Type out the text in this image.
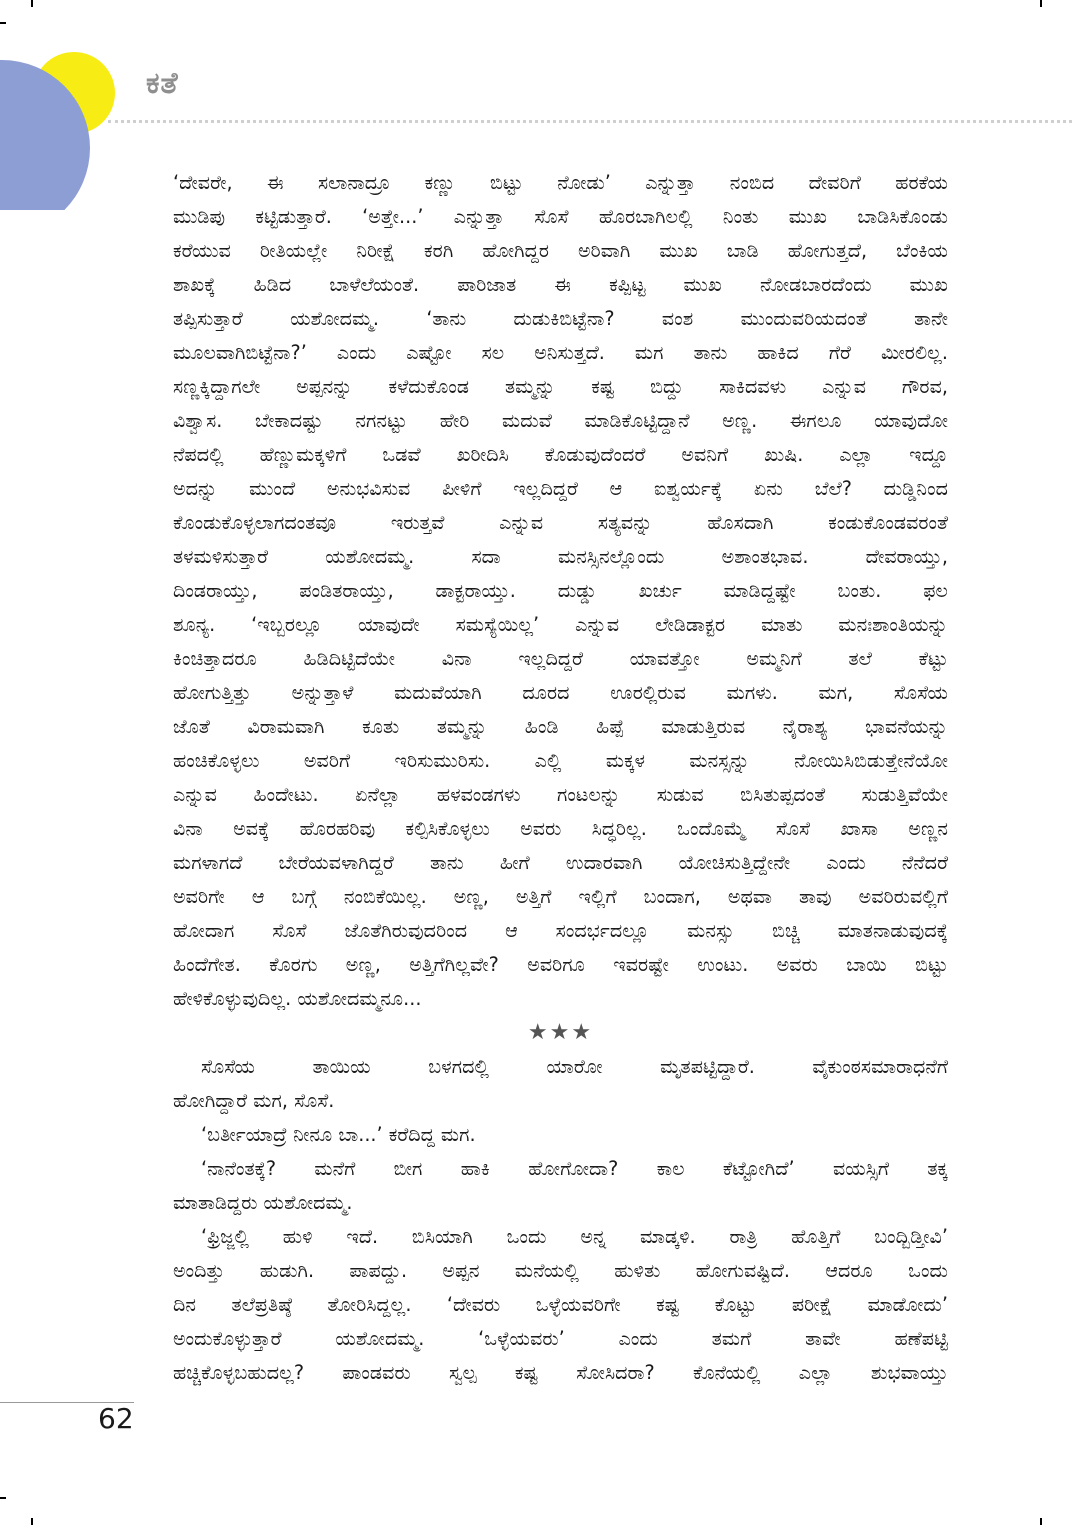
ಕತೆ
‘ದೇವರೇ, ಈ ಸಲಾನಾದ್ರೂ ಕಣ್ಣು ಬಿಟ್ಟು ನೋಡು’ ಎನ್ನುತ್ತಾ ನಂಬಿದ ದೇವರಿಗೆ ಹರಕೆಯ
ಮುಡಿಪು ಕಟ್ಟಿಡುತ್ತಾರೆ. ‘ಅತ್ತೇ...’ ಎನ್ನುತ್ತಾ ಸೊಸೆ ಹೊರಬಾಗಿಲಲ್ಲಿ ನಿಂತು ಮುಖ ಬಾಡಿಸಿಕೊಂಡು
ಕರೆಯುವ ರೀತಿಯಲ್ಲೇ ನಿರೀಕ್ಷೆ ಕರಗಿ ಹೋಗಿದ್ದರ ಅರಿವಾಗಿ ಮುಖ ಬಾಡಿ ಹೋಗುತ್ತದೆ, ಬೆಂಕಿಯ
ಶಾಖಕ್ಕೆ ಹಿಡಿದ ಬಾಳೆಲೆಯಂತೆ. ಪಾರಿಜಾತ ಈ ಕಪ್ಪಿಟ್ಟ ಮುಖ ನೋಡಬಾರದೆಂದು ಮುಖ
ತಪ್ಪಿಸುತ್ತಾರೆ ಯಶೋದಮ್ಮ. ‘ತಾನು ದುಡುಕಿಬಿಟ್ಟೆನಾ? ವಂಶ ಮುಂದುವರಿಯದಂತೆ ತಾನೇ
ಮೂಲವಾಗಿಬಿಟ್ಟೆನಾ?’ ಎಂದು ಎಷ್ಟೋ ಸಲ ಅನಿಸುತ್ತದೆ. ಮಗ ತಾನು ಹಾಕಿದ ಗೆರೆ ಮೀರಲಿಲ್ಲ.
ಸಣ್ಣಕ್ಕಿದ್ದಾಗಲೇ ಅಪ್ಪನನ್ನು ಕಳೆದುಕೊಂಡ ತಮ್ಮನ್ನು ಕಷ್ಟ ಬಿದ್ದು ಸಾಕಿದವಳು ಎನ್ನುವ ಗೌರವ,
ವಿಶ್ವಾಸ. ಬೇಕಾದಷ್ಟು ನಗನಟ್ಟು ಹೇರಿ ಮದುವೆ ಮಾಡಿಕೊಟ್ಟಿದ್ದಾನೆ ಅಣ್ಣ. ಈಗಲೂ ಯಾವುದೋ
ನೆಪದಲ್ಲಿ ಹೆಣ್ಣುಮಕ್ಕಳಿಗೆ ಒಡವೆ ಖರೀದಿಸಿ ಕೊಡುವುದೆಂದರೆ ಅವನಿಗೆ ಖುಷಿ. ಎಲ್ಲಾ ಇದ್ದೂ
ಅದನ್ನು ಮುಂದೆ ಅನುಭವಿಸುವ ಪೀಳಿಗೆ ಇಲ್ಲದಿದ್ದರೆ ಆ ಐಶ್ವರ್ಯಕ್ಕೆ ಏನು ಬೆಲೆ? ದುಡ್ಡಿನಿಂದ
ಕೊಂಡುಕೊಳ್ಳಲಾಗದಂತವೂ ಇರುತ್ತವೆ ಎನ್ನುವ ಸತ್ಯವನ್ನು ಹೊಸದಾಗಿ ಕಂಡುಕೊಂಡವರಂತೆ
ತಳಮಳಿಸುತ್ತಾರೆ ಯಶೋದಮ್ಮ. ಸದಾ ಮನಸ್ಸಿನಲ್ಲೊಂದು ಅಶಾಂತಭಾವ. ದೇವರಾಯ್ತು,
ದಿಂಡರಾಯ್ತು, ಪಂಡಿತರಾಯ್ತು, ಡಾಕ್ಟರಾಯ್ತು. ದುಡ್ಡು ಖರ್ಚು ಮಾಡಿದ್ದಷ್ಟೇ ಬಂತು. ಫಲ
ಶೂನ್ಯ. ‘ಇಬ್ಬರಲ್ಲೂ ಯಾವುದೇ ಸಮಸ್ಯೆಯಿಲ್ಲ’ ಎನ್ನುವ ಲೇಡಿಡಾಕ್ಟರ ಮಾತು ಮನಃಶಾಂತಿಯನ್ನು
ಕಿಂಚಿತ್ತಾದರೂ ಹಿಡಿದಿಟ್ಟಿದೆಯೇ ವಿನಾ ಇಲ್ಲದಿದ್ದರೆ ಯಾವತ್ತೋ ಅಮ್ಮನಿಗೆ ತಲೆ ಕೆಟ್ಟು
ಹೋಗುತ್ತಿತ್ತು ಅನ್ನುತ್ತಾಳೆ ಮದುವೆಯಾಗಿ ದೂರದ ಊರಲ್ಲಿರುವ ಮಗಳು. ಮಗ, ಸೊಸೆಯ
ಜೊತೆ ವಿರಾಮವಾಗಿ ಕೂತು ತಮ್ಮನ್ನು ಹಿಂಡಿ ಹಿಪ್ಪೆ ಮಾಡುತ್ತಿರುವ ನೈರಾಶ್ಯ ಭಾವನೆಯನ್ನು
ಹಂಚಿಕೊಳ್ಳಲು ಅವರಿಗೆ ಇರಿಸುಮುರಿಸು. ಎಲ್ಲಿ ಮಕ್ಕಳ ಮನಸ್ಸನ್ನು ನೋಯಿಸಿಬಿಡುತ್ತೇನೆಯೋ
ಎನ್ನುವ ಹಿಂದೇಟು. ಏನೆಲ್ಲಾ ಹಳವಂಡಗಳು ಗಂಟಲನ್ನು ಸುಡುವ ಬಿಸಿತುಪ್ಪದಂತೆ ಸುಡುತ್ತಿವೆಯೇ
ವಿನಾ ಅವಕ್ಕೆ ಹೊರಹರಿವು ಕಲ್ಪಿಸಿಕೊಳ್ಳಲು ಅವರು ಸಿದ್ಧರಿಲ್ಲ. ಒಂದೊಮ್ಮೆ ಸೊಸೆ ಖಾಸಾ ಅಣ್ಣನ
ಮಗಳಾಗದೆ ಬೇರೆಯವಳಾಗಿದ್ದರೆ ತಾನು ಹೀಗೆ ಉದಾರವಾಗಿ ಯೋಚಿಸುತ್ತಿದ್ದೇನೇ ಎಂದು ನೆನೆದರೆ
ಅವರಿಗೇ ಆ ಬಗ್ಗೆ ನಂಬಿಕೆಯಿಲ್ಲ. ಅಣ್ಣ, ಅತ್ತಿಗೆ ಇಲ್ಲಿಗೆ ಬಂದಾಗ, ಅಥವಾ ತಾವು ಅವರಿರುವಲ್ಲಿಗೆ
ಹೋದಾಗ ಸೊಸೆ ಜೊತೆಗಿರುವುದರಿಂದ ಆ ಸಂದರ್ಭದಲ್ಲೂ ಮನಸ್ಸು ಬಿಚ್ಚಿ ಮಾತನಾಡುವುದಕ್ಕೆ
ಹಿಂದೆಗೇತ. ಕೊರಗು ಅಣ್ಣ, ಅತ್ತಿಗೆಗಿಲ್ಲವೇ? ಅವರಿಗೂ ಇವರಷ್ಟೇ ಉಂಟು. ಅವರು ಬಾಯಿ ಬಿಟ್ಟು
ಹೇಳಿಕೊಳ್ಳುವುದಿಲ್ಲ. ಯಶೋದಮ್ಮನೂ...
★★★
ಸೊಸೆಯ ತಾಯಿಯ ಬಳಗದಲ್ಲಿ ಯಾರೋ ಮೃತಪಟ್ಟಿದ್ದಾರೆ. ವೈಕುಂಠಸಮಾರಾಧನೆಗೆ
ಹೋಗಿದ್ದಾರೆ ಮಗ, ಸೊಸೆ.
‘ಬರ್ತೀಯಾದ್ರೆ ನೀನೂ ಬಾ...’ ಕರೆದಿದ್ದ ಮಗ.
‘ನಾನೆಂತಕ್ಕೆ? ಮನೆಗೆ ಬೀಗ ಹಾಕಿ ಹೋಗೋದಾ? ಕಾಲ ಕೆಟ್ಟೋಗಿದೆ’ ವಯಸ್ಸಿಗೆ ತಕ್ಕ
ಮಾತಾಡಿದ್ದರು ಯಶೋದಮ್ಮ.
‘ಫ್ರಿಜ್ಜಲ್ಲಿ ಹುಳಿ ಇದೆ. ಬಿಸಿಯಾಗಿ ಒಂದು ಅನ್ನ ಮಾಡ್ಕಳಿ. ರಾತ್ರಿ ಹೊತ್ತಿಗೆ ಬಂದ್ಬಿಡ್ತೀವಿ’
ಅಂದಿತ್ತು ಹುಡುಗಿ. ಪಾಪದ್ದು. ಅಪ್ಪನ ಮನೆಯಲ್ಲಿ ಹುಳಿತು ಹೋಗುವಷ್ಟಿದೆ. ಆದರೂ ಒಂದು
ದಿನ ತಲೆಪ್ರತಿಷ್ಠೆ ತೋರಿಸಿದ್ದಲ್ಲ. ‘ದೇವರು ಒಳ್ಳೆಯವರಿಗೇ ಕಷ್ಟ ಕೊಟ್ಟು ಪರೀಕ್ಷೆ ಮಾಡೋದು’
ಅಂದುಕೊಳ್ಳುತ್ತಾರೆ ಯಶೋದಮ್ಮ. ‘ಒಳ್ಳೆಯವರು’ ಎಂದು ತಮಗೆ ತಾವೇ ಹಣೆಪಟ್ಟಿ
ಹಚ್ಚಿಕೊಳ್ಳಬಹುದಲ್ಲ? ಪಾಂಡವರು ಸ್ವಲ್ಪ ಕಷ್ಟ ಸೋಸಿದರಾ? ಕೊನೆಯಲ್ಲಿ ಎಲ್ಲಾ ಶುಭವಾಯ್ತು
62
